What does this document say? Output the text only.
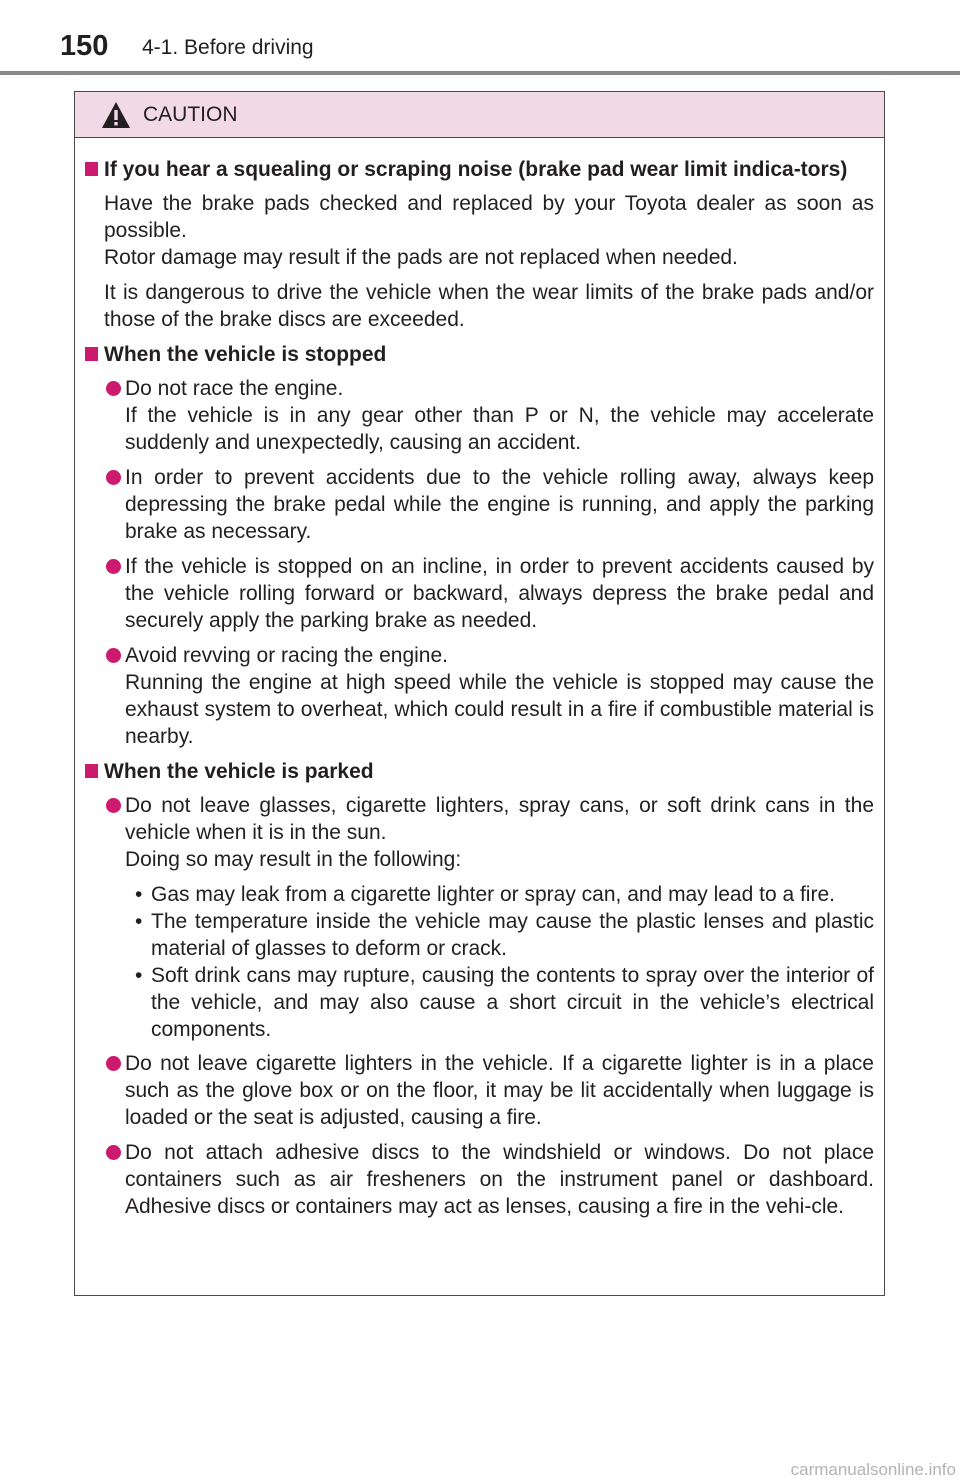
150 4-1. Before driving
CAUTION
If you hear a squealing or scraping noise (brake pad wear limit indica-tors)

Have the brake pads checked and replaced by your Toyota dealer as soon as possible.

Rotor damage may result if the pads are not replaced when needed.

It is dangerous to drive the vehicle when the wear limits of the brake pads and/or those of the brake discs are exceeded.

When the vehicle is stopped

Do not race the engine.

If the vehicle is in any gear other than P or N, the vehicle may accelerate suddenly and unexpectedly, causing an accident.

In order to prevent accidents due to the vehicle rolling away, always keep depressing the brake pedal while the engine is running, and apply the parking brake as necessary.

If the vehicle is stopped on an incline, in order to prevent accidents caused by the vehicle rolling forward or backward, always depress the brake pedal and securely apply the parking brake as needed.

Avoid revving or racing the engine.

Running the engine at high speed while the vehicle is stopped may cause the exhaust system to overheat, which could result in a fire if combustible material is nearby.

When the vehicle is parked

Do not leave glasses, cigarette lighters, spray cans, or soft drink cans in the vehicle when it is in the sun.

Doing so may result in the following:

• Gas may leak from a cigarette lighter or spray can, and may lead to a fire.
• The temperature inside the vehicle may cause the plastic lenses and plastic material of glasses to deform or crack.
• Soft drink cans may rupture, causing the contents to spray over the interior of the vehicle, and may also cause a short circuit in the vehicle’s electrical components.

Do not leave cigarette lighters in the vehicle. If a cigarette lighter is in a place such as the glove box or on the floor, it may be lit accidentally when luggage is loaded or the seat is adjusted, causing a fire.

Do not attach adhesive discs to the windshield or windows. Do not place containers such as air fresheners on the instrument panel or dashboard. Adhesive discs or containers may act as lenses, causing a fire in the vehi-cle.

carmanualsonline.info
